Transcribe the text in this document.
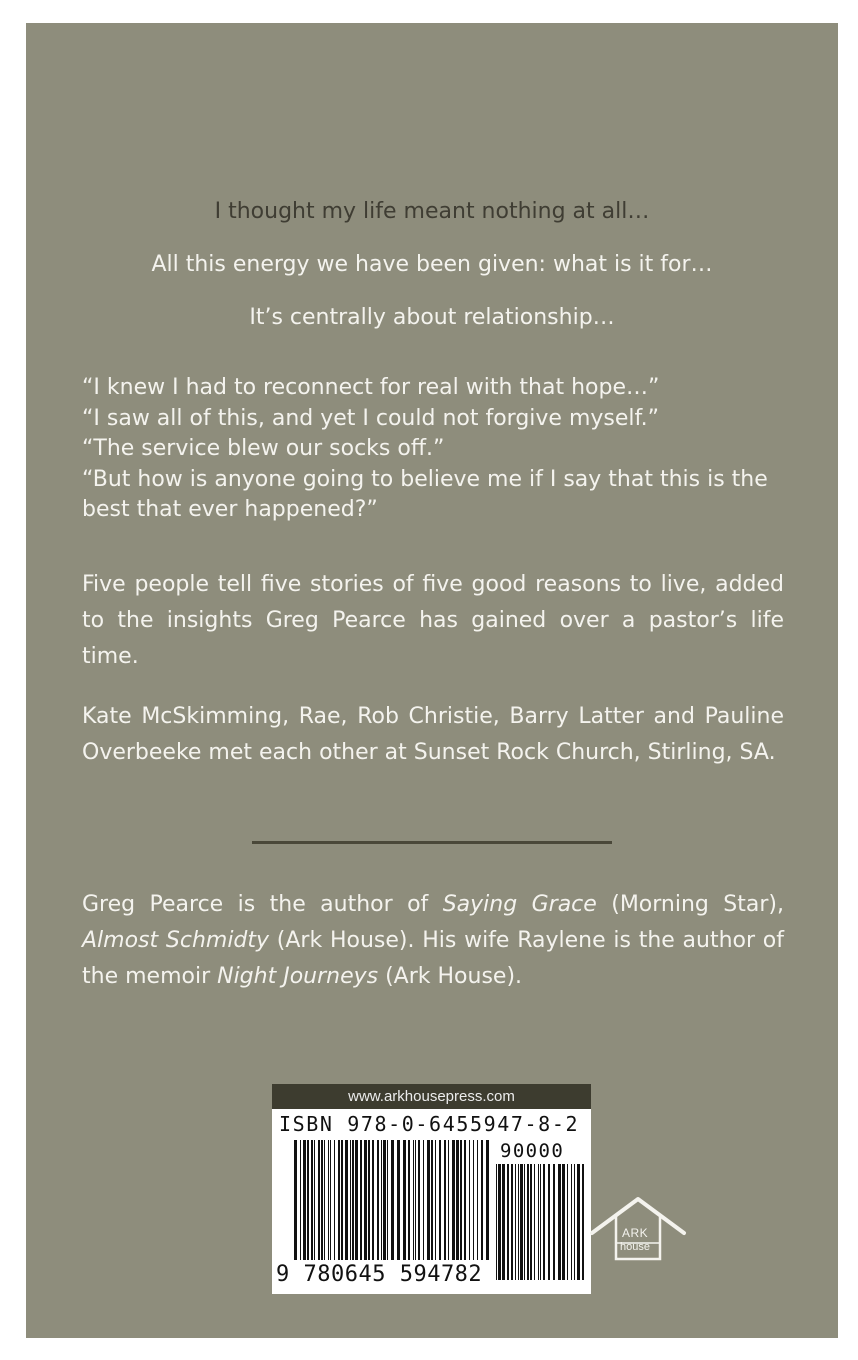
I thought my life meant nothing at all…

All this energy we have been given: what is it for…

It’s centrally about relationship…

“I knew I had to reconnect for real with that hope…”

“I saw all of this, and yet I could not forgive myself.”

“The service blew our socks off.”

“But how is anyone going to believe me if I say that this is the best that ever happened?”

Five people tell five stories of five good reasons to live, added to the insights Greg Pearce has gained over a pastor’s life time.

Kate McSkimming, Rae, Rob Christie, Barry Latter and Pauline Overbeeke met each other at Sunset Rock Church, Stirling, SA.

Greg Pearce is the author of Saying Grace (Morning Star), Almost Schmidty (Ark House). His wife Raylene is the author of the memoir Night Journeys (Ark House).

www.arkhousepress.com
ISBN 978-0-6455947-8-2
90000
9 780645 594782
ARK
house
